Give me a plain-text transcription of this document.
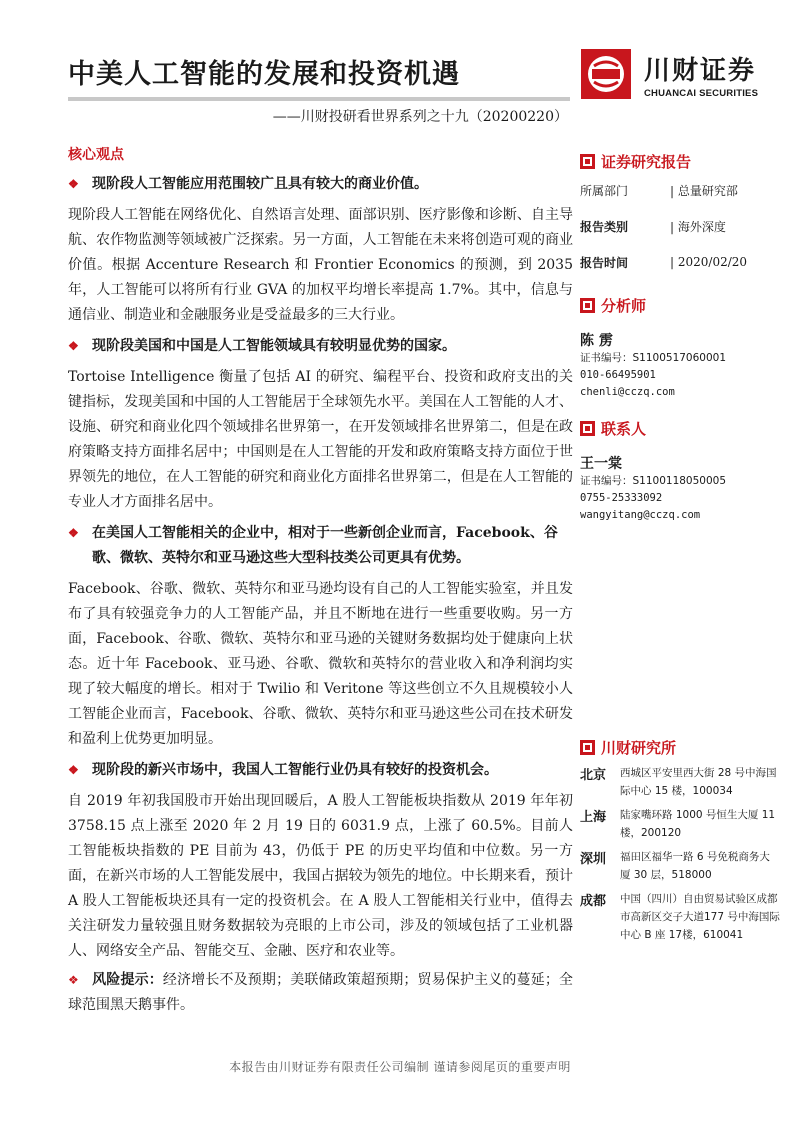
中美人工智能的发展和投资机遇
——川财投研看世界系列之十九（20200220）
川财证券
CHUANCAI SECURITIES
核心观点
❖ 现阶段人工智能应用范围较广且具有较大的商业价值。
现阶段人工智能在网络优化、自然语言处理、面部识别、医疗影像和诊断、自主导航、农作物监测等领域被广泛探索。另一方面，人工智能在未来将创造可观的商业价值。根据 Accenture Research 和 Frontier Economics 的预测，到 2035年，人工智能可以将所有行业 GVA 的加权平均增长率提高 1.7%。其中，信息与通信业、制造业和金融服务业是受益最多的三大行业。
❖ 现阶段美国和中国是人工智能领域具有较明显优势的国家。
Tortoise Intelligence 衡量了包括 AI 的研究、编程平台、投资和政府支出的关键指标，发现美国和中国的人工智能居于全球领先水平。美国在人工智能的人才、设施、研究和商业化四个领域排名世界第一，在开发领域排名世界第二，但是在政府策略支持方面排名居中；中国则是在人工智能的开发和政府策略支持方面位于世界领先的地位，在人工智能的研究和商业化方面排名世界第二，但是在人工智能的专业人才方面排名居中。
❖ 在美国人工智能相关的企业中，相对于一些新创企业而言，Facebook、谷歌、微软、英特尔和亚马逊这些大型科技类公司更具有优势。
Facebook、谷歌、微软、英特尔和亚马逊均设有自己的人工智能实验室，并且发布了具有较强竞争力的人工智能产品，并且不断地在进行一些重要收购。另一方面，Facebook、谷歌、微软、英特尔和亚马逊的关键财务数据均处于健康向上状态。近十年 Facebook、亚马逊、谷歌、微软和英特尔的营业收入和净利润均实现了较大幅度的增长。相对于 Twilio 和 Veritone 等这些创立不久且规模较小人工智能企业而言，Facebook、谷歌、微软、英特尔和亚马逊这些公司在技术研发和盈利上优势更加明显。
❖ 现阶段的新兴市场中，我国人工智能行业仍具有较好的投资机会。
自 2019 年初我国股市开始出现回暖后，A 股人工智能板块指数从 2019 年年初3758.15 点上涨至 2020 年 2 月 19 日的 6031.9 点，上涨了 60.5%。目前人工智能板块指数的 PE 目前为 43，仍低于 PE 的历史平均值和中位数。另一方面，在新兴市场的人工智能发展中，我国占据较为领先的地位。中长期来看，预计A 股人工智能板块还具有一定的投资机会。在 A 股人工智能相关行业中，值得去关注研发力量较强且财务数据较为亮眼的上市公司，涉及的领域包括了工业机器人、网络安全产品、智能交互、金融、医疗和农业等。
❖ 风险提示：经济增长不及预期；美联储政策超预期；贸易保护主义的蔓延；全球范围黑天鹅事件。
证券研究报告
所属部门	| 总量研究部
报告类别	| 海外深度
报告时间	| 2020/02/20
分析师
陈 雳
证书编号：S1100517060001
010-66495901
chenli@cczq.com
联系人
王一棠
证书编号：S1100118050005
0755-25333092
wangyitang@cczq.com
川财研究所
北京	西城区平安里西大街 28 号中海国际中心 15 楼，100034
上海	陆家嘴环路 1000 号恒生大厦 11 楼，200120
深圳	福田区福华一路 6 号免税商务大厦 30 层，518000
成都	中国（四川）自由贸易试验区成都市高新区交子大道177 号中海国际中心 B 座 17楼，610041
本报告由川财证券有限责任公司编制 谨请参阅尾页的重要声明
